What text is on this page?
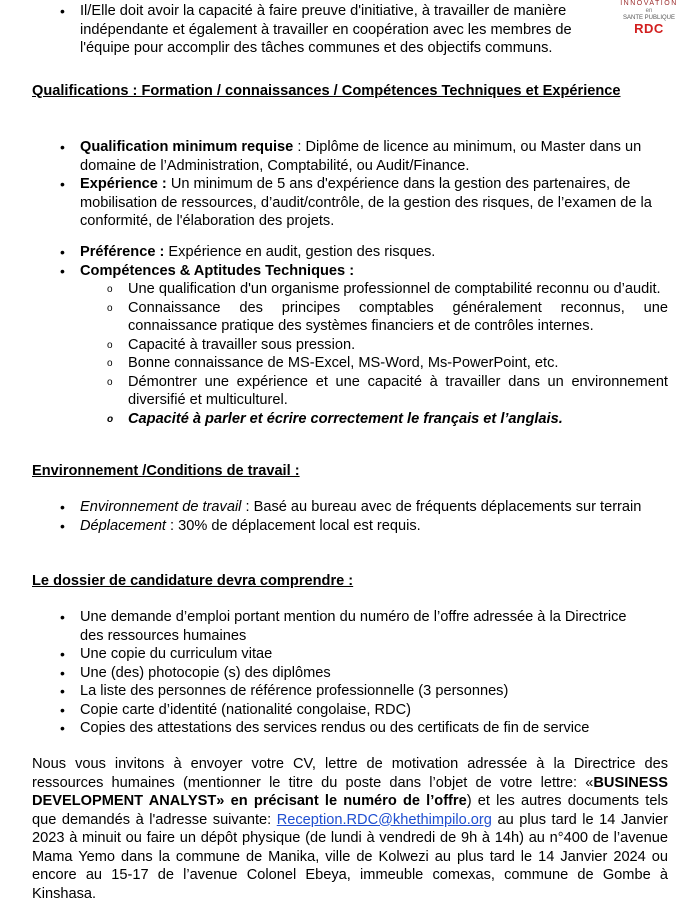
INNOVATION
en
SANTE PUBLIQUE
RDC
• Il/Elle doit avoir la capacité à faire preuve d'initiative, à travailler de manière indépendante et également à travailler en coopération avec les membres de l'équipe pour accomplir des tâches communes et des objectifs communs.
Qualifications : Formation / connaissances / Compétences Techniques et Expérience
• Qualification minimum requise : Diplôme de licence au minimum, ou Master dans un domaine de l’Administration, Comptabilité, ou Audit/Finance.
• Expérience : Un minimum de 5 ans d'expérience dans la gestion des partenaires, de mobilisation de ressources, d’audit/contrôle, de la gestion des risques, de l’examen de la conformité, de l'élaboration des projets.
• Préférence : Expérience en audit, gestion des risques.
• Compétences & Aptitudes Techniques :
o Une qualification d'un organisme professionnel de comptabilité reconnu ou d’audit.
o Connaissance des principes comptables généralement reconnus, une connaissance pratique des systèmes financiers et de contrôles internes.
o Capacité à travailler sous pression.
o Bonne connaissance de MS-Excel, MS-Word, Ms-PowerPoint, etc.
o Démontrer une expérience et une capacité à travailler dans un environnement diversifié et multiculturel.
o Capacité à parler et écrire correctement le français et l’anglais.
Environnement /Conditions de travail :
• Environnement de travail : Basé au bureau avec de fréquents déplacements sur terrain
• Déplacement : 30% de déplacement local est requis.
Le dossier de candidature devra comprendre :
• Une demande d’emploi portant mention du numéro de l’offre adressée à la Directrice des ressources humaines
• Une copie du curriculum vitae
• Une (des) photocopie (s) des diplômes
• La liste des personnes de référence professionnelle (3 personnes)
• Copie carte d’identité (nationalité congolaise, RDC)
• Copies des attestations des services rendus ou des certificats de fin de service
Nous vous invitons à envoyer votre CV, lettre de motivation adressée à la Directrice des ressources humaines (mentionner le titre du poste dans l’objet de votre lettre: «BUSINESS DEVELOPMENT ANALYST» en précisant le numéro de l’offre) et les autres documents tels que demandés à l'adresse suivante: Reception.RDC@khethimpilo.org au plus tard le 14 Janvier 2023 à minuit ou faire un dépôt physique (de lundi à vendredi de 9h à 14h) au n°400 de l’avenue Mama Yemo dans la commune de Manika, ville de Kolwezi au plus tard le 14 Janvier 2024 ou encore au 15-17 de l’avenue Colonel Ebeya, immeuble comexas, commune de Gombe à Kinshasa.
